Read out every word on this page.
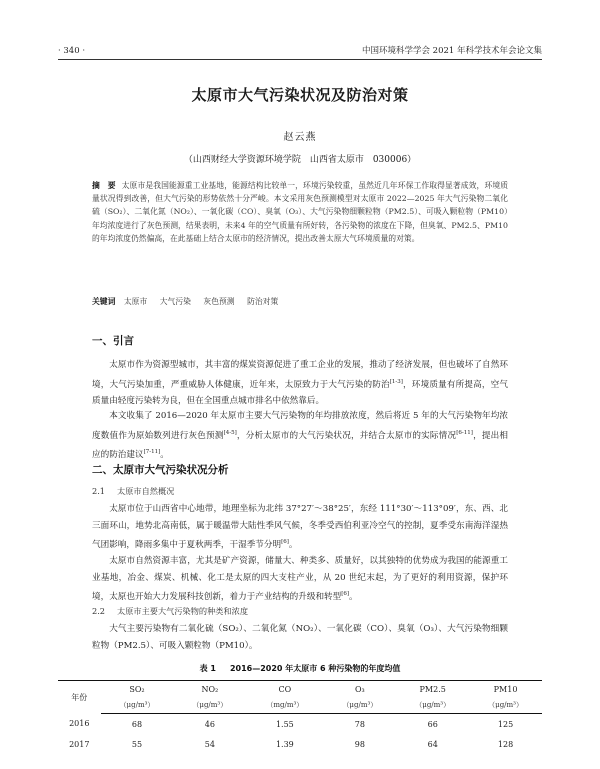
· 340 ·	中国环境科学学会 2021 年科学技术年会论文集
太原市大气污染状况及防治对策
赵云燕
（山西财经大学资源环境学院　山西省太原市　030006）
摘　要 太原市是我国能源重工业基地，能源结构比较单一，环境污染较重，虽然近几年环保工作取得显著成效，环境质量状况得到改善，但大气污染的形势依然十分严峻。本文采用灰色预测模型对太原市 2022—2025 年大气污染物二氧化硫（SO₂）、二氧化氮（NO₂）、一氧化碳（CO）、臭氧（O₃）、大气污染物细颗粒物（PM2.5）、可吸入颗粒物（PM10）年均浓度进行了灰色预测，结果表明，未来4 年的空气质量有所好转，各污染物的浓度在下降，但臭氧、PM2.5、PM10 的年均浓度仍然偏高，在此基础上结合太原市的经济情况，提出改善太原大气环境质量的对策。
关键词 太原市 大气污染 灰色预测 防治对策
一、引言
太原市作为资源型城市，其丰富的煤炭资源促进了重工企业的发展，推动了经济发展，但也破坏了自然环境，大气污染加重，严重威胁人体健康，近年来，太原致力于大气污染的防治[1-3]，环境质量有所提高，空气质量由轻度污染转为良，但在全国重点城市排名中依然靠后。
本文收集了 2016—2020 年太原市主要大气污染物的年均排放浓度，然后将近 5 年的大气污染物年均浓度数值作为原始数列进行灰色预测[4-5]，分析太原市的大气污染状况，并结合太原市的实际情况[6-11]，提出相应的防治建议[7-11]。
二、太原市大气污染状况分析
2.1 太原市自然概况
太原市位于山西省中心地带，地理坐标为北纬 37°27′～38°25′，东经 111°30′～113°09′，东、西、北三面环山，地势北高南低，属于暖温带大陆性季风气候，冬季受西伯利亚冷空气的控制，夏季受东南海洋湿热气团影响，降雨多集中于夏秋两季，干湿季节分明[6]。
太原市自然资源丰富，尤其是矿产资源，储量大、种类多、质量好，以其独特的优势成为我国的能源重工业基地，冶金、煤炭、机械、化工是太原的四大支柱产业，从 20 世纪末起，为了更好的利用资源，保护环境，太原也开始大力发展科技创新，着力于产业结构的升级和转型[6]。
2.2 太原市主要大气污染物的种类和浓度
大气主要污染物有二氧化硫（SO₂）、二氧化氮（NO₂）、一氧化碳（CO）、臭氧（O₃）、大气污染物细颗粒物（PM2.5）、可吸入颗粒物（PM10）。
表 1 2016—2020 年太原市 6 种污染物的年度均值
年份	SO₂	NO₂	CO	O₃	PM2.5	PM10
	（μg/m³）	（μg/m³）	（mg/m³）	（μg/m³）	（μg/m³）	（μg/m³）
2016	68	46	1.55	78	66	125
2017	55	54	1.39	98	64	128
